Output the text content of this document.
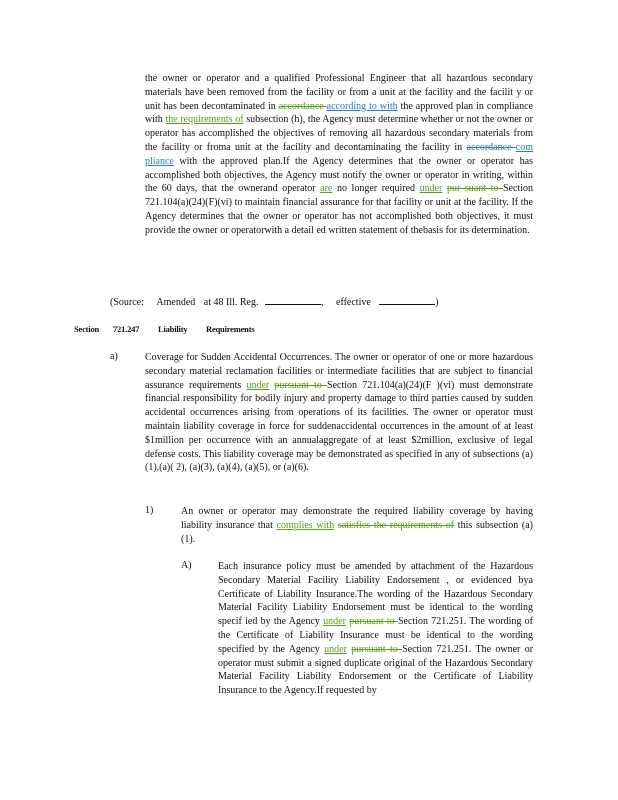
the owner or operator and a qualified Professional Engineer that all hazardous secondary materials have been removed from the facility or from a unit at the facility and the facilit y or unit has been decontaminated in accordance according to with the approved plan in compliance with the requirements of subsection (h), the Agency must determine whether or not the owner or operator has accomplished the objectives of removing all hazardous secondary materials from the facility or froma unit at the facility and decontaminating the facility in accordance com pliance with the approved plan.If the Agency determines that the owner or operator has accomplished both objectives, the Agency must notify the owner or operator in writing, within the 60 days, that the ownerand operator are no longer required under pur suant to Section 721.104(a)(24)(F)(vi) to maintain financial assurance for that facility or unit at the facility. If the Agency determines that the owner or operator has not accomplished both objectives, it must provide the owner or operatorwith a detail ed written statement of thebasis for its determination.
(Source: Amended at 48 Ill. Reg.	, effective	)
Section 721.247 Liability Requirements
a)	Coverage for Sudden Accidental Occurrences. The owner or operator of one or more hazardous secondary material reclamation facilities or intermediate facilities that are subject to financial assurance requirements under pursuant to Section 721.104(a)(24)(F )(vi) must demonstrate financial responsibility for bodily injury and property damage to third parties caused by sudden accidental occurrences arising from operations of its facilities. The owner or operator must maintain liability coverage in force for suddenaccidental occurrences in the amount of at least $1million per occurrence with an annualaggregate of at least $2million, exclusive of legal defense costs. This liability coverage may be demonstrated as specified in any of subsections (a)(1),(a)( 2), (a)(3), (a)(4), (a)(5), or (a)(6).
1)	An owner or operator may demonstrate the required liability coverage by having liability insurance that complies with satisfies the requirements of this subsection (a)(1).
A)	Each insurance policy must be amended by attachment of the Hazardous Secondary Material Facility Liability Endorsement , or evidenced bya Certificate of Liability Insurance.The wording of the Hazardous Secondary Material Facility Liability Endorsement must be identical to the wording specif ied by the Agency under pursuant to Section 721.251. The wording of the Certificate of Liability Insurance must be identical to the wording specified by the Agency under pursuant to Section 721.251. The owner or operator must submit a signed duplicate original of the Hazardous Secondary Material Facility Liability Endorsement or the Certificate of Liability Insurance to the Agency.If requested by
